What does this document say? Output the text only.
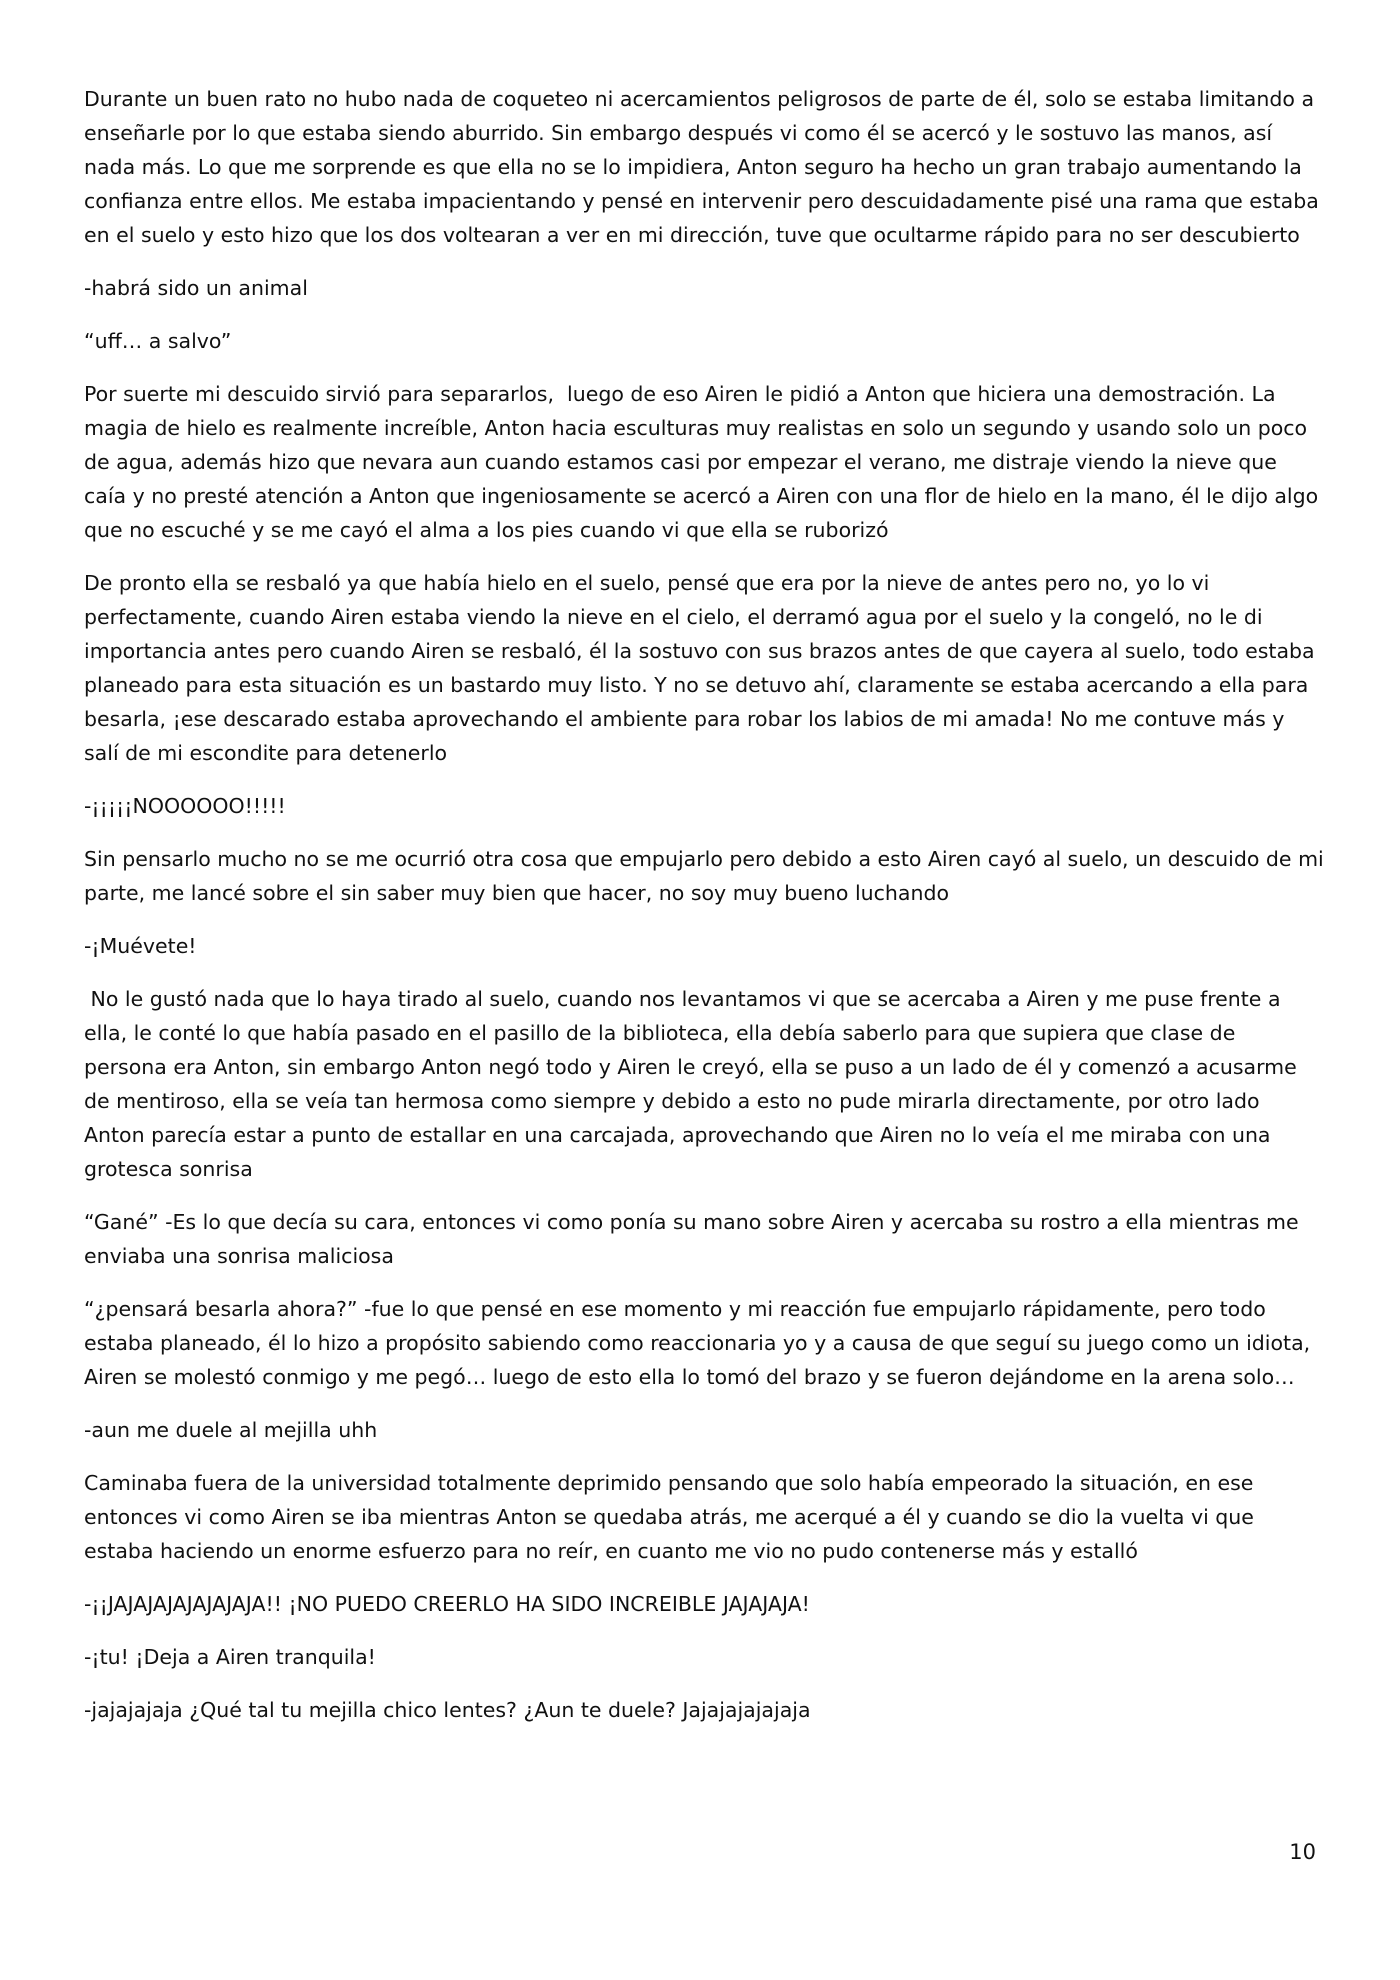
Durante un buen rato no hubo nada de coqueteo ni acercamientos peligrosos de parte de él, solo se estaba limitando a enseñarle por lo que estaba siendo aburrido. Sin embargo después vi como él se acercó y le sostuvo las manos, así nada más. Lo que me sorprende es que ella no se lo impidiera, Anton seguro ha hecho un gran trabajo aumentando la confianza entre ellos. Me estaba impacientando y pensé en intervenir pero descuidadamente pisé una rama que estaba en el suelo y esto hizo que los dos voltearan a ver en mi dirección, tuve que ocultarme rápido para no ser descubierto

-habrá sido un animal

“uff… a salvo”

Por suerte mi descuido sirvió para separarlos,  luego de eso Airen le pidió a Anton que hiciera una demostración. La magia de hielo es realmente increíble, Anton hacia esculturas muy realistas en solo un segundo y usando solo un poco de agua, además hizo que nevara aun cuando estamos casi por empezar el verano, me distraje viendo la nieve que caía y no presté atención a Anton que ingeniosamente se acercó a Airen con una flor de hielo en la mano, él le dijo algo que no escuché y se me cayó el alma a los pies cuando vi que ella se ruborizó

De pronto ella se resbaló ya que había hielo en el suelo, pensé que era por la nieve de antes pero no, yo lo vi perfectamente, cuando Airen estaba viendo la nieve en el cielo, el derramó agua por el suelo y la congeló, no le di importancia antes pero cuando Airen se resbaló, él la sostuvo con sus brazos antes de que cayera al suelo, todo estaba planeado para esta situación es un bastardo muy listo. Y no se detuvo ahí, claramente se estaba acercando a ella para besarla, ¡ese descarado estaba aprovechando el ambiente para robar los labios de mi amada! No me contuve más y salí de mi escondite para detenerlo

-¡¡¡¡¡NOOOOOO!!!!!

Sin pensarlo mucho no se me ocurrió otra cosa que empujarlo pero debido a esto Airen cayó al suelo, un descuido de mi parte, me lancé sobre el sin saber muy bien que hacer, no soy muy bueno luchando

-¡Muévete!

No le gustó nada que lo haya tirado al suelo, cuando nos levantamos vi que se acercaba a Airen y me puse frente a ella, le conté lo que había pasado en el pasillo de la biblioteca, ella debía saberlo para que supiera que clase de persona era Anton, sin embargo Anton negó todo y Airen le creyó, ella se puso a un lado de él y comenzó a acusarme de mentiroso, ella se veía tan hermosa como siempre y debido a esto no pude mirarla directamente, por otro lado Anton parecía estar a punto de estallar en una carcajada, aprovechando que Airen no lo veía el me miraba con una grotesca sonrisa

“Gané” -Es lo que decía su cara, entonces vi como ponía su mano sobre Airen y acercaba su rostro a ella mientras me enviaba una sonrisa maliciosa

“¿pensará besarla ahora?” -fue lo que pensé en ese momento y mi reacción fue empujarlo rápidamente, pero todo estaba planeado, él lo hizo a propósito sabiendo como reaccionaria yo y a causa de que seguí su juego como un idiota, Airen se molestó conmigo y me pegó… luego de esto ella lo tomó del brazo y se fueron dejándome en la arena solo…

-aun me duele al mejilla uhh

Caminaba fuera de la universidad totalmente deprimido pensando que solo había empeorado la situación, en ese entonces vi como Airen se iba mientras Anton se quedaba atrás, me acerqué a él y cuando se dio la vuelta vi que estaba haciendo un enorme esfuerzo para no reír, en cuanto me vio no pudo contenerse más y estalló

-¡¡JAJAJAJAJAJAJAJA!! ¡NO PUEDO CREERLO HA SIDO INCREIBLE JAJAJAJA!

-¡tu! ¡Deja a Airen tranquila!

-jajajajaja ¿Qué tal tu mejilla chico lentes? ¿Aun te duele? Jajajajajajaja

10
